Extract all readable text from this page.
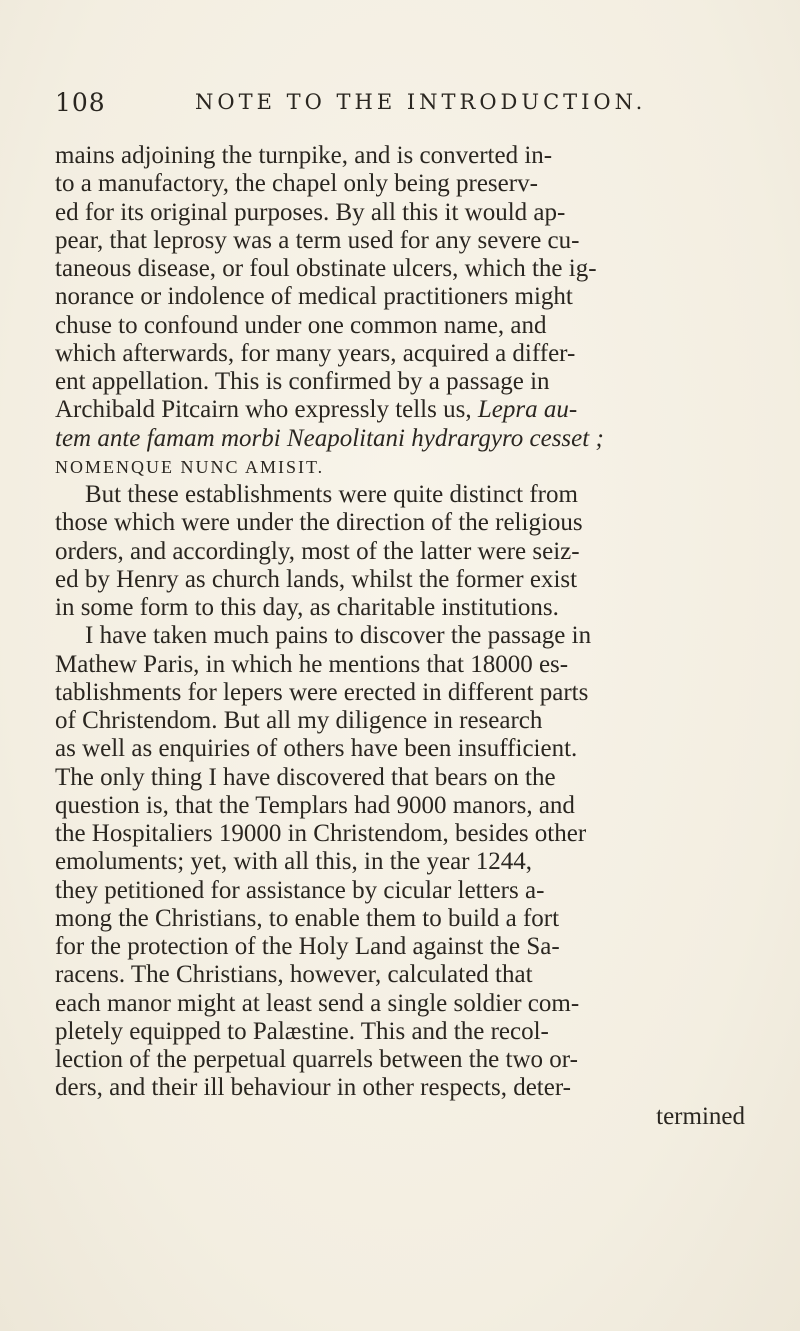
108	NOTE TO THE INTRODUCTION.
mains adjoining the turnpike, and is converted in-
to a manufactory, the chapel only being preserv-
ed for its original purposes. By all this it would ap-
pear, that leprosy was a term used for any severe cu-
taneous disease, or foul obstinate ulcers, which the ig-
norance or indolence of medical practitioners might
chuse to confound under one common name, and
which afterwards, for many years, acquired a differ-
ent appellation. This is confirmed by a passage in
Archibald Pitcairn who expressly tells us, Lepra au-
tem ante famam morbi Neapolitani hydrargyro cesset ;
NOMENQUE NUNC AMISIT.
But these establishments were quite distinct from
those which were under the direction of the religious
orders, and accordingly, most of the latter were seiz-
ed by Henry as church lands, whilst the former exist
in some form to this day, as charitable institutions.
I have taken much pains to discover the passage in
Mathew Paris, in which he mentions that 18000 es-
tablishments for lepers were erected in different parts
of Christendom. But all my diligence in research
as well as enquiries of others have been insufficient.
The only thing I have discovered that bears on the
question is, that the Templars had 9000 manors, and
the Hospitaliers 19000 in Christendom, besides other
emoluments; yet, with all this, in the year 1244,
they petitioned for assistance by cicular letters a-
mong the Christians, to enable them to build a fort
for the protection of the Holy Land against the Sa-
racens. The Christians, however, calculated that
each manor might at least send a single soldier com-
pletely equipped to Palæstine. This and the recol-
lection of the perpetual quarrels between the two or-
ders, and their ill behaviour in other respects, deter-
termined
